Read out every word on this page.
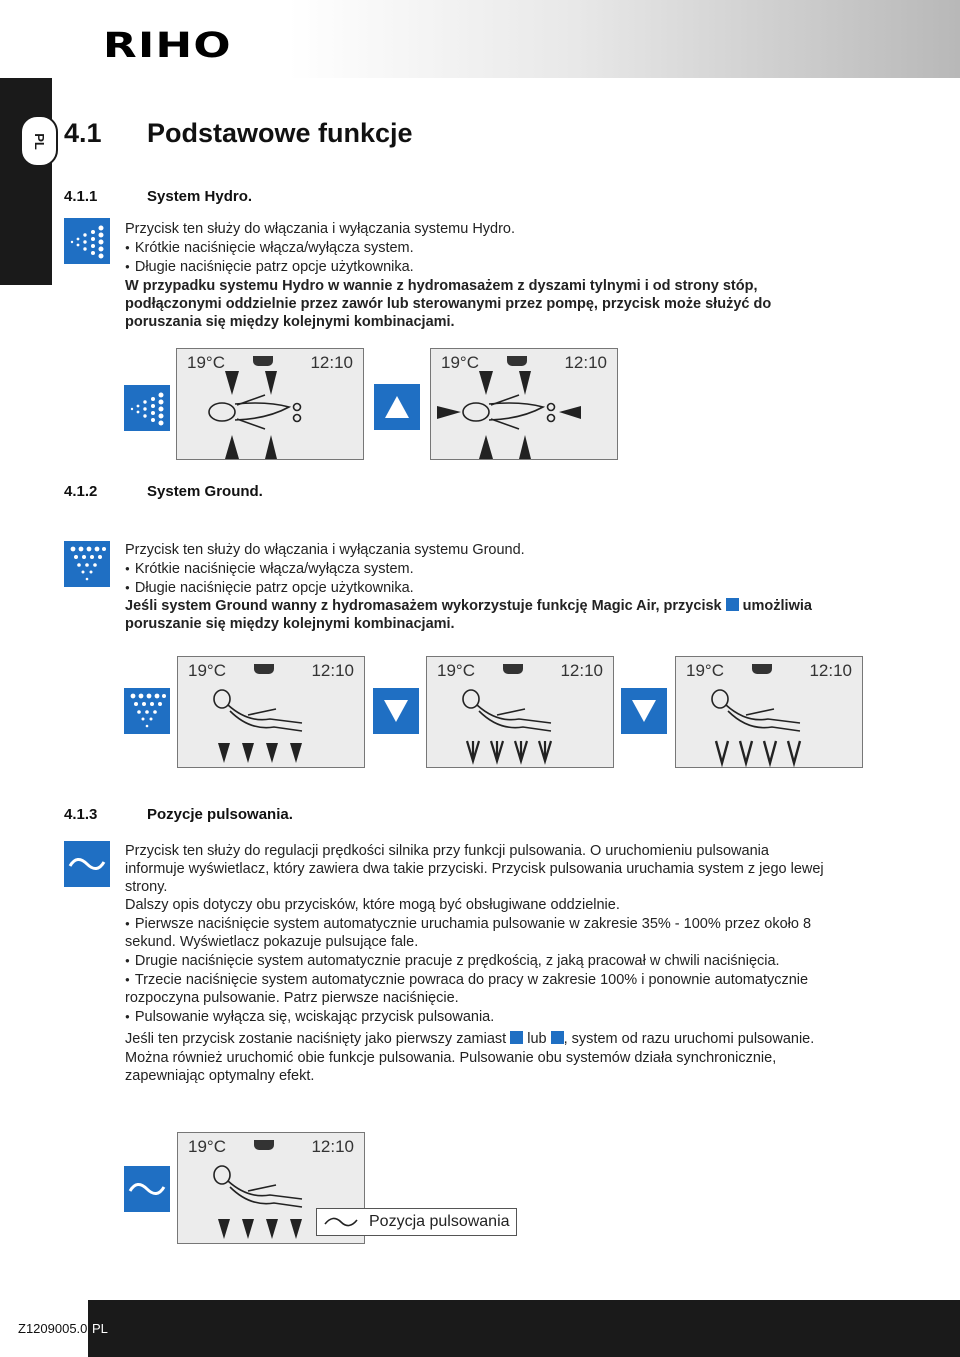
RIHO
PL 4.1 Podstawowe funkcje
4.1.1	System Hydro.
Przycisk ten służy do włączania i wyłączania systemu Hydro.
● Krótkie naciśnięcie włącza/wyłącza system.
● Długie naciśnięcie patrz opcje użytkownika.
W przypadku systemu Hydro w wannie z hydromasażem z dyszami tylnymi i od strony stóp,
podłączonymi oddzielnie przez zawór lub sterowanymi przez pompę, przycisk może służyć do
poruszania się między kolejnymi kombinacjami.
19°C	12:10	19°C	12:10
4.1.2	System Ground.
Przycisk ten służy do włączania i wyłączania systemu Ground.
● Krótkie naciśnięcie włącza/wyłącza system.
● Długie naciśnięcie patrz opcje użytkownika.
Jeśli system Ground wanny z hydromasażem wykorzystuje funkcję Magic Air, przycisk umożliwia
poruszanie się między kolejnymi kombinacjami.
19°C	12:10	19°C	12:10	19°C	12:10
4.1.3	Pozycje pulsowania.
Przycisk ten służy do regulacji prędkości silnika przy funkcji pulsowania. O uruchomieniu pulsowania
informuje wyświetlacz, który zawiera dwa takie przyciski. Przycisk pulsowania uruchamia system z jego lewej
strony.
Dalszy opis dotyczy obu przycisków, które mogą być obsługiwane oddzielnie.
● Pierwsze naciśnięcie system automatycznie uruchamia pulsowanie w zakresie 35% - 100% przez około 8
sekund. Wyświetlacz pokazuje pulsujące fale.
● Drugie naciśnięcie system automatycznie pracuje z prędkością, z jaką pracował w chwili naciśnięcia.
● Trzecie naciśnięcie system automatycznie powraca do pracy w zakresie 100% i ponownie automatycznie
rozpoczyna pulsowanie. Patrz pierwsze naciśnięcie.
● Pulsowanie wyłącza się, wciskając przycisk pulsowania.
Jeśli ten przycisk zostanie naciśnięty jako pierwszy zamiast lub , system od razu uruchomi pulsowanie.
Można również uruchomić obie funkcje pulsowania. Pulsowanie obu systemów działa synchronicznie,
zapewniając optymalny efekt.
19°C	12:10
Pozycja pulsowania
Z1209005.0 PL
